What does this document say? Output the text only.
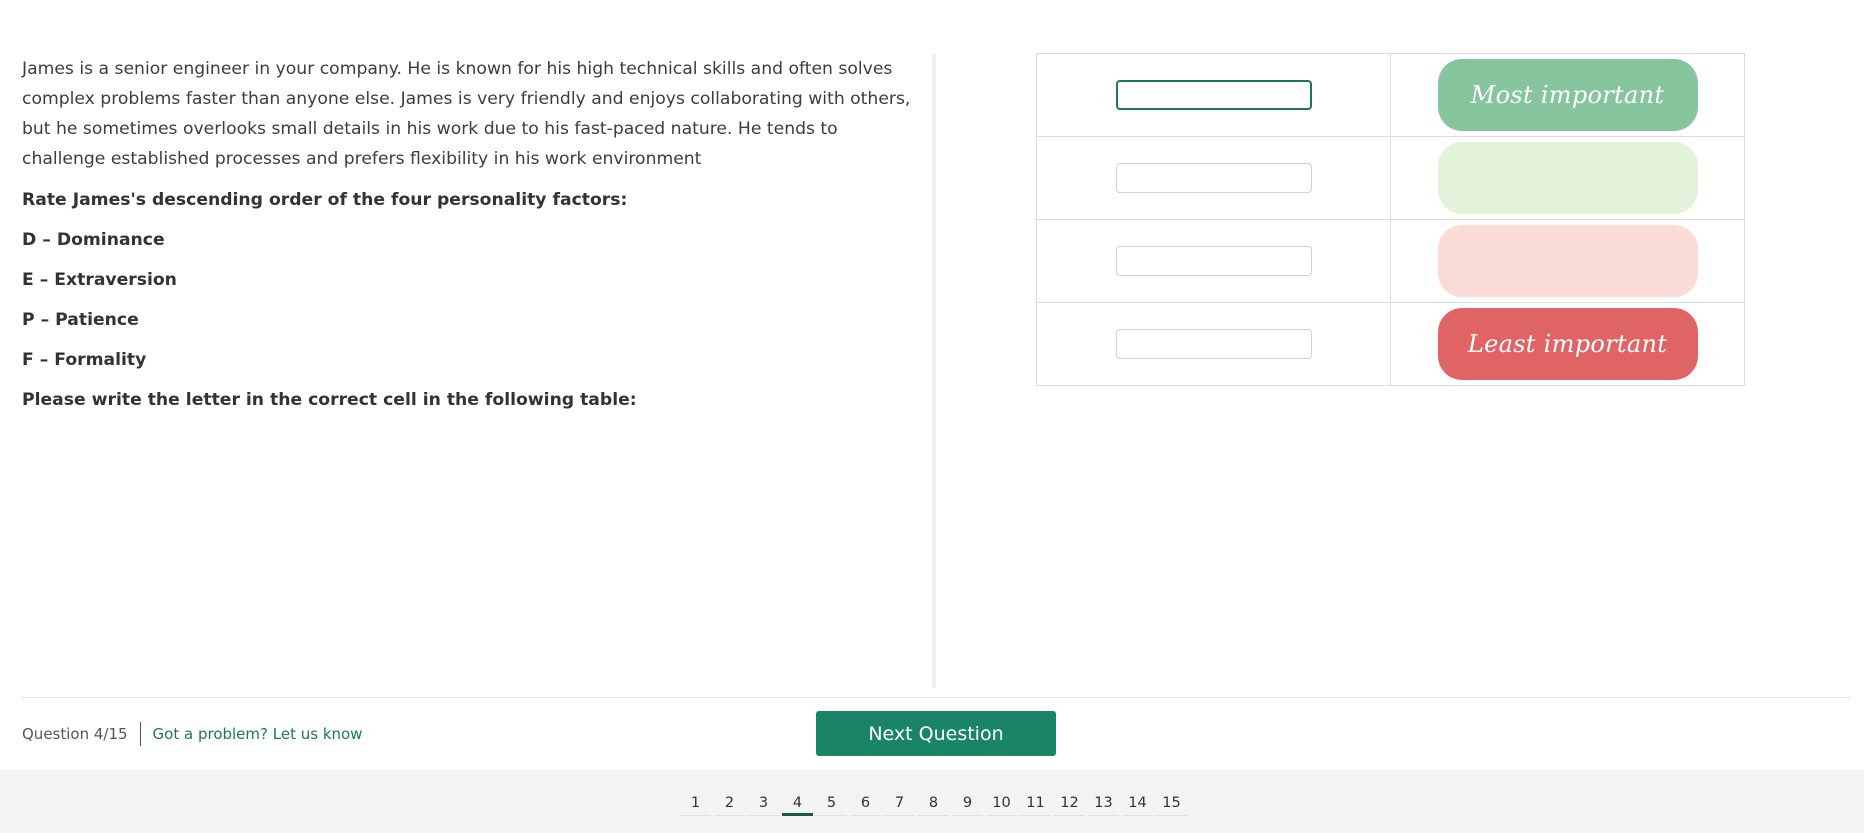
James is a senior engineer in your company. He is known for his high technical skills and often solves complex problems faster than anyone else. James is very friendly and enjoys collaborating with others, but he sometimes overlooks small details in his work due to his fast-paced nature. He tends to challenge established processes and prefers flexibility in his work environment

Rate James's descending order of the four personality factors:

D – Dominance

E – Extraversion

P – Patience

F – Formality

Please write the letter in the correct cell in the following table:

	Most important

	Least important
Question 4/15 Got a problem? Let us know	Next Question
1	2	3	4	5	6	7	8	9	10	11	12	13	14	15
